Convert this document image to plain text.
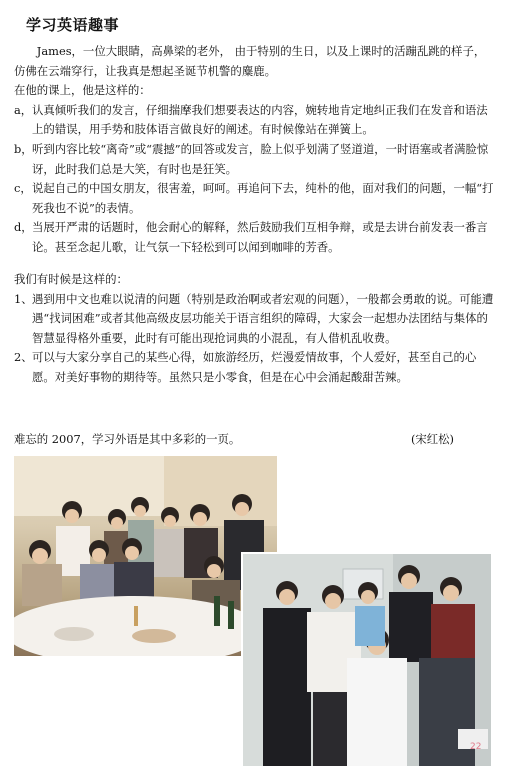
学习英语趣事

James，一位大眼睛，高鼻梁的老外， 由于特别的生日，以及上课时的活蹦乱跳的样子，仿佛在云端穿行，让我真是想起圣诞节机警的麋鹿。

在他的课上，他是这样的：

a， 认真倾听我们的发言，仔细揣摩我们想要表达的内容，婉转地肯定地纠正我们在发音和语法上的错误，用手势和肢体语言做良好的阐述。有时候像站在弹簧上。
b， 听到内容比较“离奇”或“震撼”的回答或发言，脸上似乎划满了竖道道，一时语塞或者满脸惊讶，此时我们总是大笑，有时也是狂笑。
c， 说起自己的中国女朋友，很害羞，呵呵。再追问下去，纯朴的他，面对我们的问题，一幅“打死我也不说”的表情。
d， 当展开严肃的话题时，他会耐心的解释，然后鼓励我们互相争辩，或是去讲台前发表一番言论。甚至念起儿歌，让气氛一下轻松到可以闻到咖啡的芳香。

我们有时候是这样的：

1、 遇到用中文也难以说清的问题（特别是政治啊或者宏观的问题），一般都会勇敢的说。可能遭遇“找词困难”或者其他高级皮层功能关于语言组织的障碍，大家会一起想办法团结与集体的智慧显得格外重要，此时有可能出现抢词典的小混乱，有人借机乱收费。
2、 可以与大家分享自己的某些心得，如旅游经历，烂漫爱情故事，个人爱好，甚至自己的心愿。对美好事物的期待等。虽然只是小零食，但是在心中会涌起酸甜苦辣。
难忘的 2007，学习外语是其中多彩的一页。	(宋红松)
22
